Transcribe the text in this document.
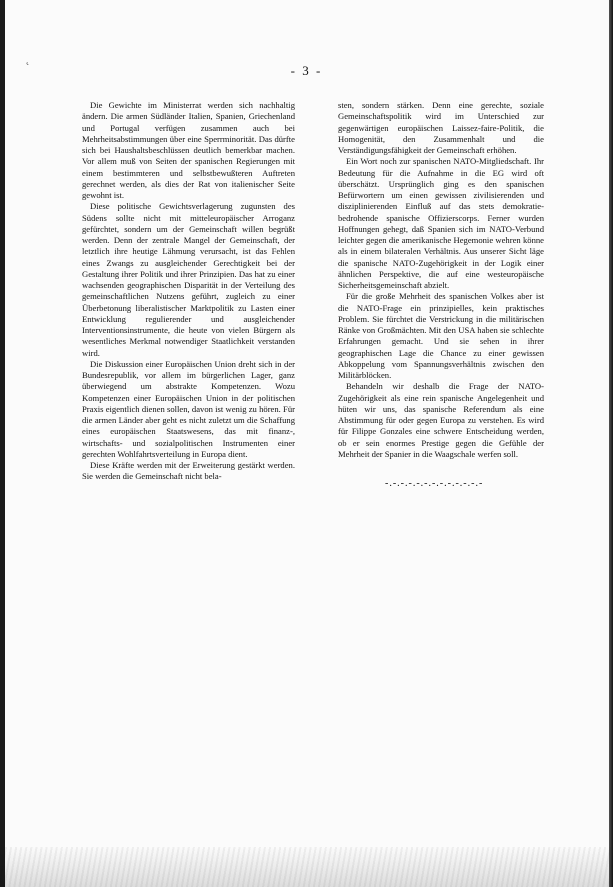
ʿ	- 3 -

Die Gewichte im Ministerrat werden sich nachhaltig ändern. Die armen Südländer Italien, Spanien, Griechenland und Portugal verfügen zusammen auch bei Mehrheitsabstimmungen über eine Sperrminorität. Das dürfte sich bei Haushaltsbeschlüssen deutlich bemerkbar machen. Vor allem muß von Seiten der spanischen Regierungen mit einem bestimmteren und selbstbewußteren Auftreten gerechnet werden, als dies der Rat von italienischer Seite gewohnt ist.

Diese politische Gewichtsverlagerung zugunsten des Südens sollte nicht mit mitteleuropäischer Arroganz gefürchtet, sondern um der Gemeinschaft willen begrüßt werden. Denn der zentrale Mangel der Gemeinschaft, der letztlich ihre heutige Lähmung verursacht, ist das Fehlen eines Zwangs zu ausgleichender Gerechtigkeit bei der Gestaltung ihrer Politik und ihrer Prinzipien. Das hat zu einer wachsenden geographischen Disparität in der Verteilung des gemeinschaftlichen Nutzens geführt, zugleich zu einer Überbetonung liberalistischer Marktpolitik zu Lasten einer Entwicklung regulierender und ausgleichender Interventionsinstrumente, die heute von vielen Bürgern als wesentliches Merkmal notwendiger Staatlichkeit verstanden wird.

Die Diskussion einer Europäischen Union dreht sich in der Bundesrepublik, vor allem im bürgerlichen Lager, ganz überwiegend um abstrakte Kompetenzen. Wozu Kompetenzen einer Europäischen Union in der politischen Praxis eigentlich dienen sollen, davon ist wenig zu hören. Für die armen Länder aber geht es nicht zuletzt um die Schaffung eines europäischen Staatswesens, das mit finanz-, wirtschafts- und sozialpolitischen Instrumenten einer gerechten Wohlfahrtsverteilung in Europa dient.

Diese Kräfte werden mit der Erweiterung gestärkt werden. Sie werden die Gemeinschaft nicht bela-

sten, sondern stärken. Denn eine gerechte, soziale Gemeinschaftspolitik wird im Unterschied zur gegenwärtigen europäischen Laissez-faire-Politik, die Homogenität, den Zusammenhalt und die Verständigungsfähigkeit der Gemeinschaft erhöhen.

Ein Wort noch zur spanischen NATO-Mitgliedschaft. Ihr Bedeutung für die Aufnahme in die EG wird oft überschätzt. Ursprünglich ging es den spanischen Befürwortern um einen gewissen zivilisierenden und disziplinierenden Einfluß auf das stets demokratie-bedrohende spanische Offizierscorps. Ferner wurden Hoffnungen gehegt, daß Spanien sich im NATO-Verbund leichter gegen die amerikanische Hegemonie wehren könne als in einem bilateralen Verhältnis. Aus unserer Sicht läge die spanische NATO-Zugehörigkeit in der Logik einer ähnlichen Perspektive, die auf eine westeuropäische Sicherheitsgemeinschaft abzielt.

Für die große Mehrheit des spanischen Volkes aber ist die NATO-Frage ein prinzipielles, kein praktisches Problem. Sie fürchtet die Verstrickung in die militärischen Ränke von Großmächten. Mit den USA haben sie schlechte Erfahrungen gemacht. Und sie sehen in ihrer geographischen Lage die Chance zu einer gewissen Abkoppelung vom Spannungsverhältnis zwischen den Militärblöcken.

Behandeln wir deshalb die Frage der NATO-Zugehörigkeit als eine rein spanische Angelegenheit und hüten wir uns, das spanische Referendum als eine Abstimmung für oder gegen Europa zu verstehen. Es wird für Filippe Gonzales eine schwere Entscheidung werden, ob er sein enormes Prestige gegen die Gefühle der Mehrheit der Spanier in die Waagschale werfen soll.

-.-.-.-.-.-.-.-.-.-.-.-.-
